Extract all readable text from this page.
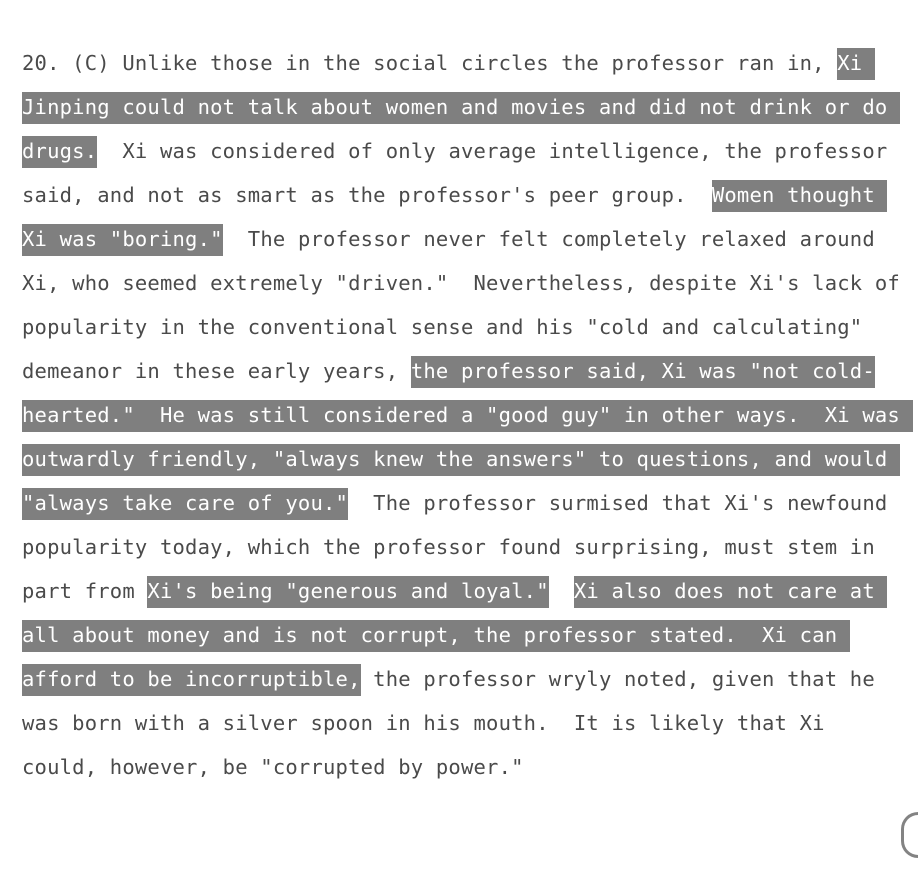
20. (C) Unlike those in the social circles the professor ran in, Xi Jinping could not talk about women and movies and did not drink or do drugs.  Xi was considered of only average intelligence, the professor said, and not as smart as the professor's peer group.  Women thought Xi was "boring."  The professor never felt completely relaxed around Xi, who seemed extremely "driven."  Nevertheless, despite Xi's lack of popularity in the conventional sense and his "cold and calculating" demeanor in these early years, the professor said, Xi was "not cold-hearted."  He was still considered a "good guy" in other ways.  Xi was outwardly friendly, "always knew the answers" to questions, and would "always take care of you."  The professor surmised that Xi's newfound popularity today, which the professor found surprising, must stem in part from Xi's being "generous and loyal." Xi also does not care at all about money and is not corrupt, the professor stated.  Xi can afford to be incorruptible, the professor wryly noted, given that he was born with a silver spoon in his mouth.  It is likely that Xi could, however, be "corrupted by power."
